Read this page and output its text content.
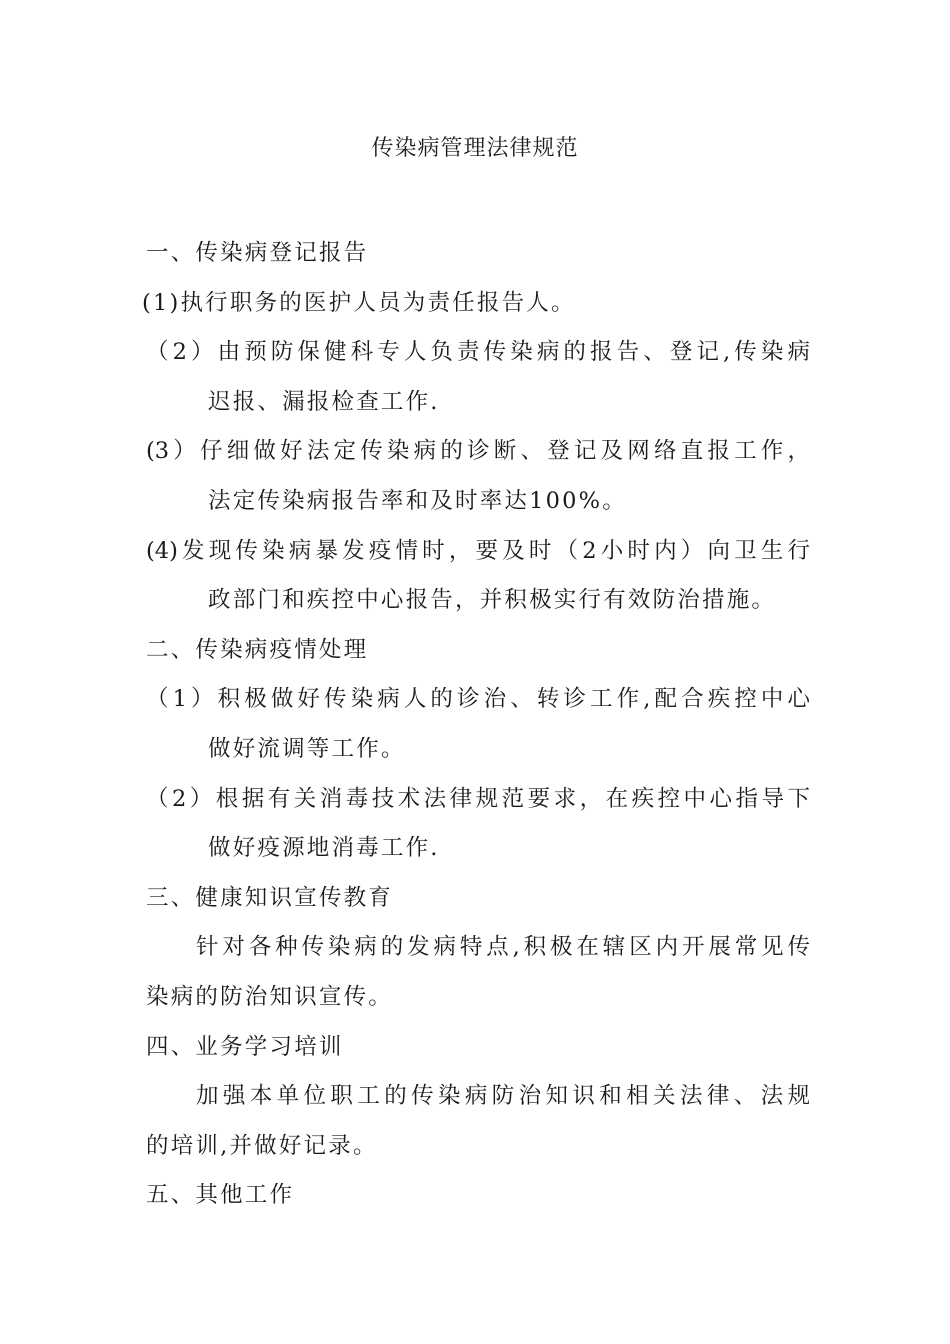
传染病管理法律规范
一、传染病登记报告
(1)执行职务的医护人员为责任报告人。
（2）由预防保健科专人负责传染病的报告、登记,传染病
迟报、漏报检查工作.
(3）仔细做好法定传染病的诊断、登记及网络直报工作，
法定传染病报告率和及时率达100%。
(4)发现传染病暴发疫情时，要及时（2小时内）向卫生行
政部门和疾控中心报告，并积极实行有效防治措施。
二、传染病疫情处理
（1）积极做好传染病人的诊治、转诊工作,配合疾控中心
做好流调等工作。
（2）根据有关消毒技术法律规范要求，在疾控中心指导下
做好疫源地消毒工作.
三、健康知识宣传教育
针对各种传染病的发病特点,积极在辖区内开展常见传
染病的防治知识宣传。
四、业务学习培训
加强本单位职工的传染病防治知识和相关法律、法规
的培训,并做好记录。
五、其他工作
